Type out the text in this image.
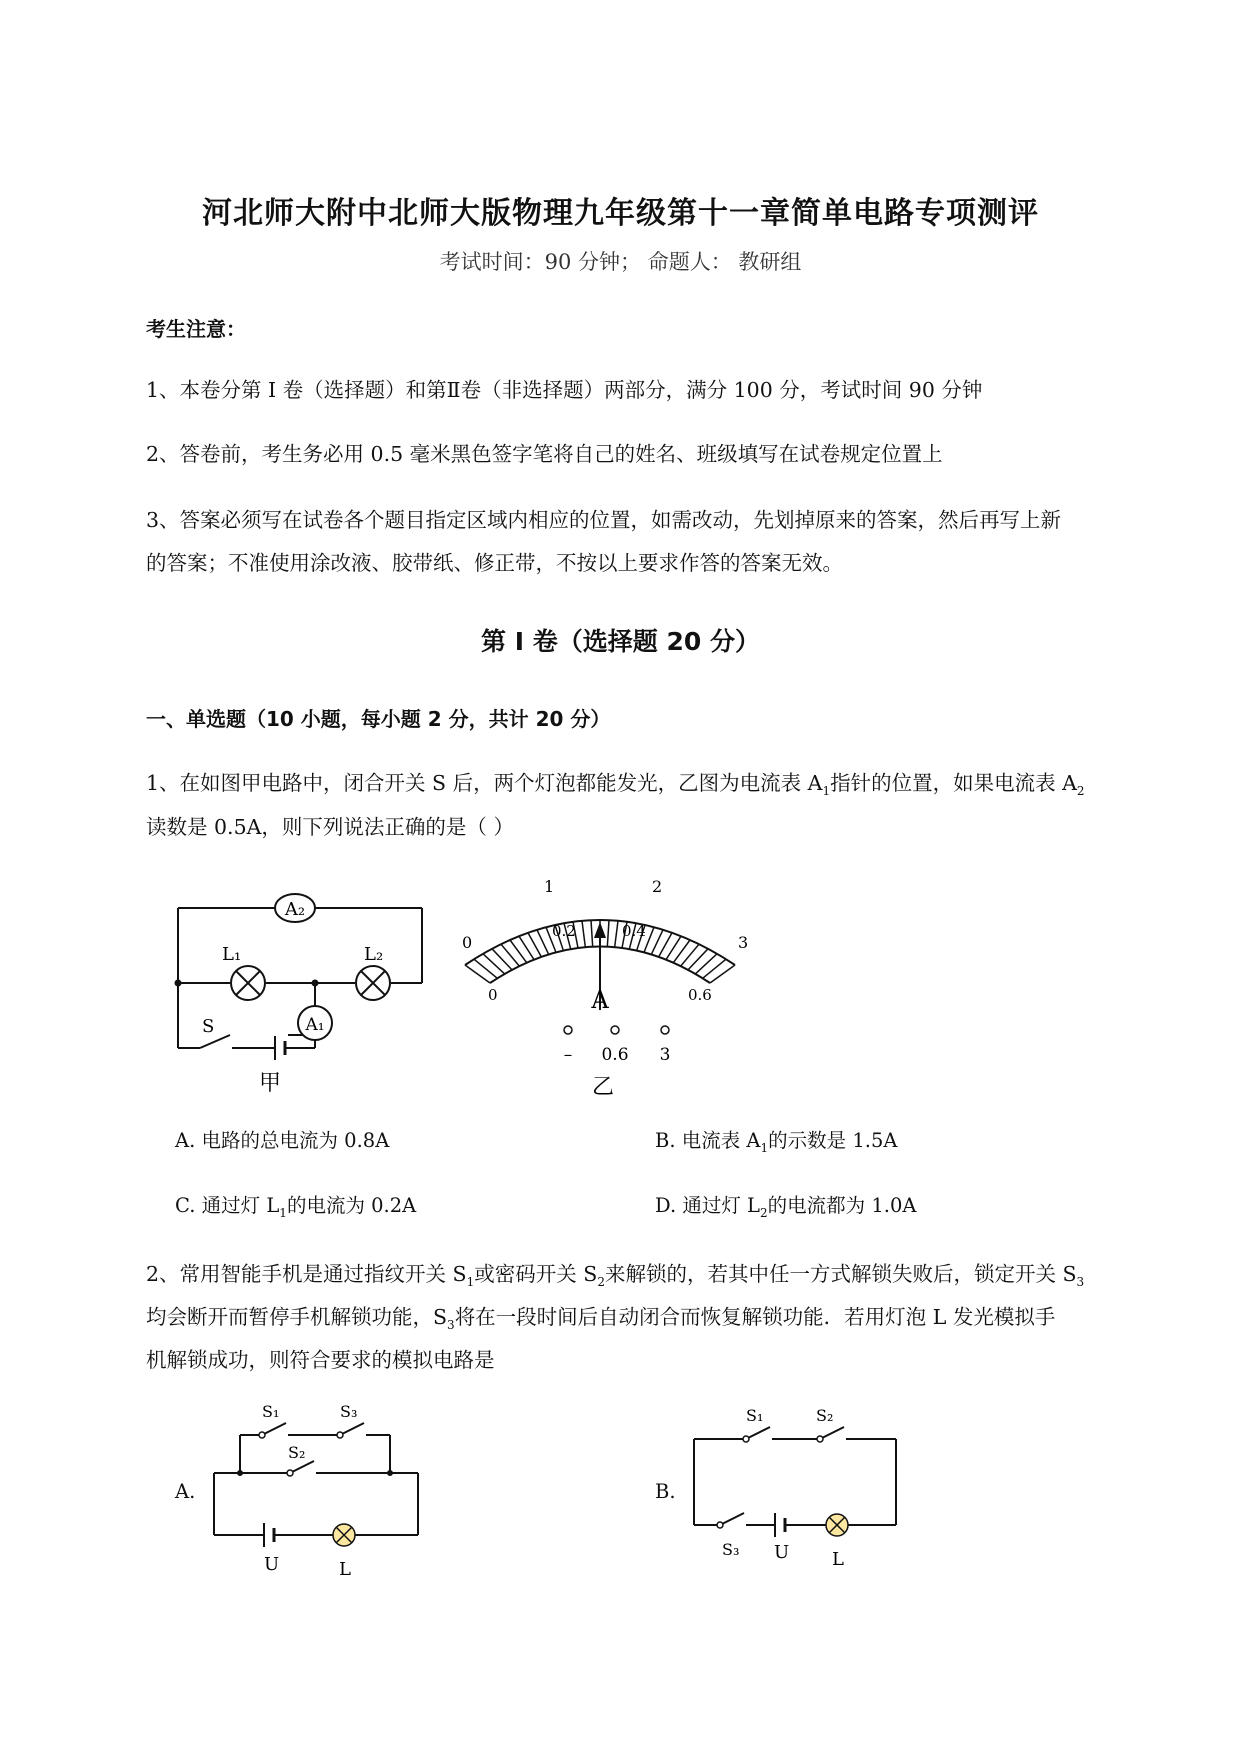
河北师大附中北师大版物理九年级第十一章简单电路专项测评
考试时间：90 分钟； 命题人： 教研组
考生注意：
1、本卷分第 I 卷（选择题）和第Ⅱ卷（非选择题）两部分，满分 100 分，考试时间 90 分钟
2、答卷前，考生务必用 0.5 毫米黑色签字笔将自己的姓名、班级填写在试卷规定位置上
3、答案必须写在试卷各个题目指定区域内相应的位置，如需改动，先划掉原来的答案，然后再写上新
的答案；不准使用涂改液、胶带纸、修正带，不按以上要求作答的答案无效。
第 I 卷（选择题 20 分）
一、单选题（10 小题，每小题 2 分，共计 20 分）
1、在如图甲电路中，闭合开关 S 后，两个灯泡都能发光，乙图为电流表 $A_1$指针的位置，如果电流表 $A_2$
读数是 0.5A，则下列说法正确的是（ ）
A₂
L₁	L₂
A₁
S
甲
0
1	2
3
0
0.2	0.4
0.6
A
– 0.6 3
乙
A. 电路的总电流为 0.8A	B. 电流表 $A_1$的示数是 1.5A
C. 通过灯 $L_1$的电流为 0.2A	D. 通过灯 $L_2$的电流都为 1.0A
2、常用智能手机是通过指纹开关 $S_1$或密码开关 $S_2$来解锁的，若其中任一方式解锁失败后，锁定开关 $S_3$
均会断开而暂停手机解锁功能，$S_3$将在一段时间后自动闭合而恢复解锁功能．若用灯泡 L 发光模拟手
机解锁成功，则符合要求的模拟电路是
A.
S₁	S₃
S₂
U	L
B.
S₁	S₂
S₃ U L
